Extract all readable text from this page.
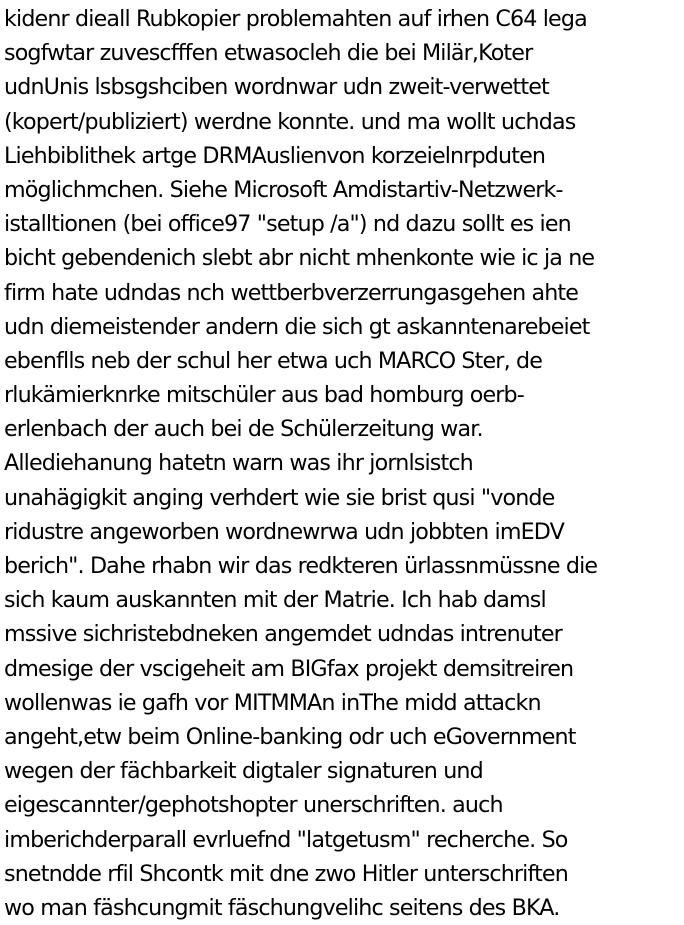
kidenr dieall Rubkopier problemahten auf irhen C64 lega
sogfwtar zuvescfffen etwasocleh die bei Milär,Koter
udnUnis lsbsgshciben wordnwar udn zweit-verwettet
(kopert/publiziert) werdne konnte. und ma wollt uchdas
Liehbiblithek artge DRMAuslienvon korzeielnrpduten
möglichmchen. Siehe Microsoft Amdistartiv-Netzwerk-
istalltionen (bei office97 "setup /a") nd dazu sollt es ien
bicht gebendenich slebt abr nicht mhenkonte wie ic ja ne
firm hate udndas nch wettberbverzerrungasgehen ahte
udn diemeistender andern die sich gt askanntenarebeiet
ebenflls neb der schul her etwa uch MARCO Ster, de
rlukämierknrke mitschüler aus bad homburg oerb-
erlenbach der auch bei de Schülerzeitung war.
Allediehanung hatetn warn was ihr jornlsistch
unahägigkit anging verhdert wie sie brist qusi "vonde
ridustre angeworben wordnewrwa udn jobbten imEDV
berich". Dahe rhabn wir das redkteren ürlassnmüssne die
sich kaum auskannten mit der Matrie. Ich hab damsl
mssive sichristebdneken angemdet udndas intrenuter
dmesige der vscigeheit am BIGfax projekt demsitreiren
wollenwas ie gafh vor MITMMAn inThe midd attackn
angeht,etw beim Online-banking odr uch eGovernment
wegen der fächbarkeit digtaler signaturen und
eigescannter/gephotshopter unerschriften. auch
imberichderparall evrluefnd "latgetusm" recherche. So
snetndde rfil Shcontk mit dne zwo Hitler unterschriften
wo man fäshcungmit fäschungvelihc seitens des BKA.
